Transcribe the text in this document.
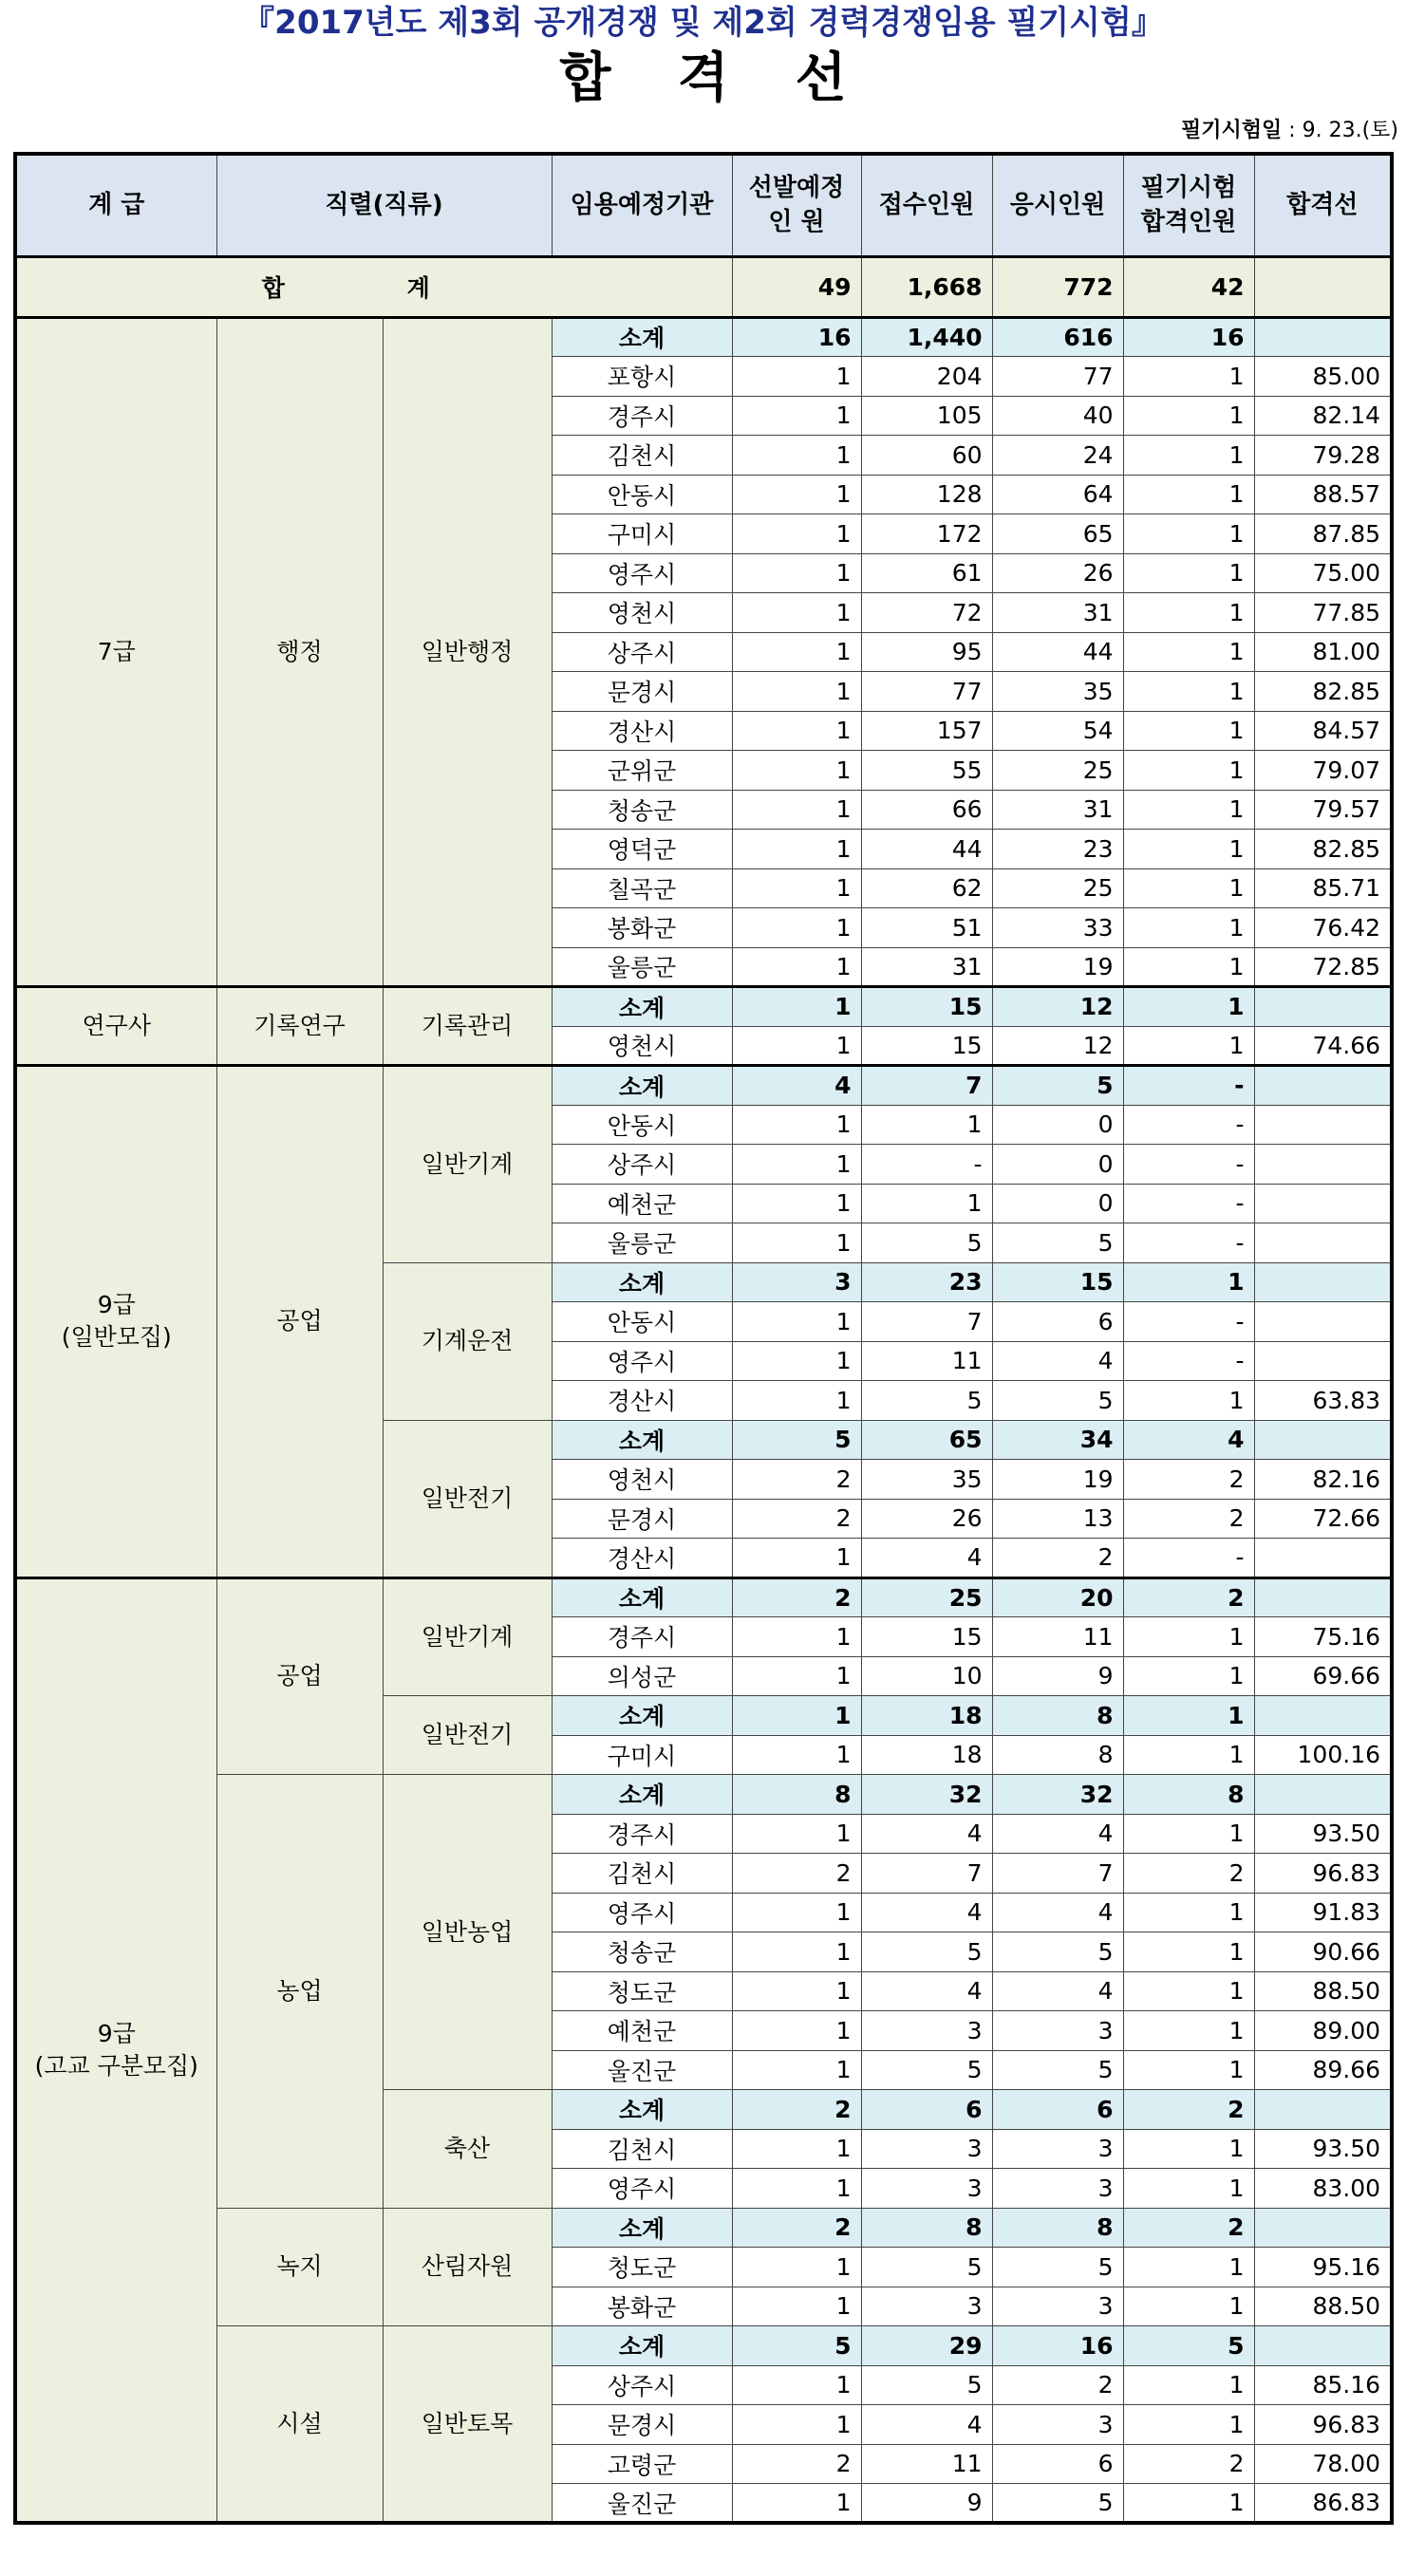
『2017년도 제3회 공개경쟁 및 제2회 경력경쟁임용 필기시험』
합격선
필기시험일 : 9. 23.(토)
계 급	직렬(직류)		임용예정기관	선발예정 인 원	접수인원	응시인원	필기시험 합격인원	합격선
합 계				49	1,668	772	42	
7급	행정	일반행정	소계	16	1,440	616	16	
			포항시	1	204	77	1	85.00
			경주시	1	105	40	1	82.14
			김천시	1	60	24	1	79.28
			안동시	1	128	64	1	88.57
			구미시	1	172	65	1	87.85
			영주시	1	61	26	1	75.00
			영천시	1	72	31	1	77.85
			상주시	1	95	44	1	81.00
			문경시	1	77	35	1	82.85
			경산시	1	157	54	1	84.57
			군위군	1	55	25	1	79.07
			청송군	1	66	31	1	79.57
			영덕군	1	44	23	1	82.85
			칠곡군	1	62	25	1	85.71
			봉화군	1	51	33	1	76.42
			울릉군	1	31	19	1	72.85
연구사	기록연구	기록관리	소계	1	15	12	1	
			영천시	1	15	12	1	74.66
9급
(일반모집)	공업	일반기계	소계	4	7	5	-	
			안동시	1	1	0	-	
			상주시	1	-	0	-	
			예천군	1	1	0	-	
			울릉군	1	5	5	-	
		기계운전	소계	3	23	15	1	
			안동시	1	7	6	-	
			영주시	1	11	4	-	
			경산시	1	5	5	1	63.83
		일반전기	소계	5	65	34	4	
			영천시	2	35	19	2	82.16
			문경시	2	26	13	2	72.66
			경산시	1	4	2	-	
9급
(고교 구분모집)	공업	일반기계	소계	2	25	20	2	
			경주시	1	15	11	1	75.16
			의성군	1	10	9	1	69.66
		일반전기	소계	1	18	8	1	
			구미시	1	18	8	1	100.16
	농업	일반농업	소계	8	32	32	8	
			경주시	1	4	4	1	93.50
			김천시	2	7	7	2	96.83
			영주시	1	4	4	1	91.83
			청송군	1	5	5	1	90.66
			청도군	1	4	4	1	88.50
			예천군	1	3	3	1	89.00
			울진군	1	5	5	1	89.66
		축산	소계	2	6	6	2	
			김천시	1	3	3	1	93.50
			영주시	1	3	3	1	83.00
	녹지	산림자원	소계	2	8	8	2	
			청도군	1	5	5	1	95.16
			봉화군	1	3	3	1	88.50
	시설	일반토목	소계	5	29	16	5	
			상주시	1	5	2	1	85.16
			문경시	1	4	3	1	96.83
			고령군	2	11	6	2	78.00
			울진군	1	9	5	1	86.83
